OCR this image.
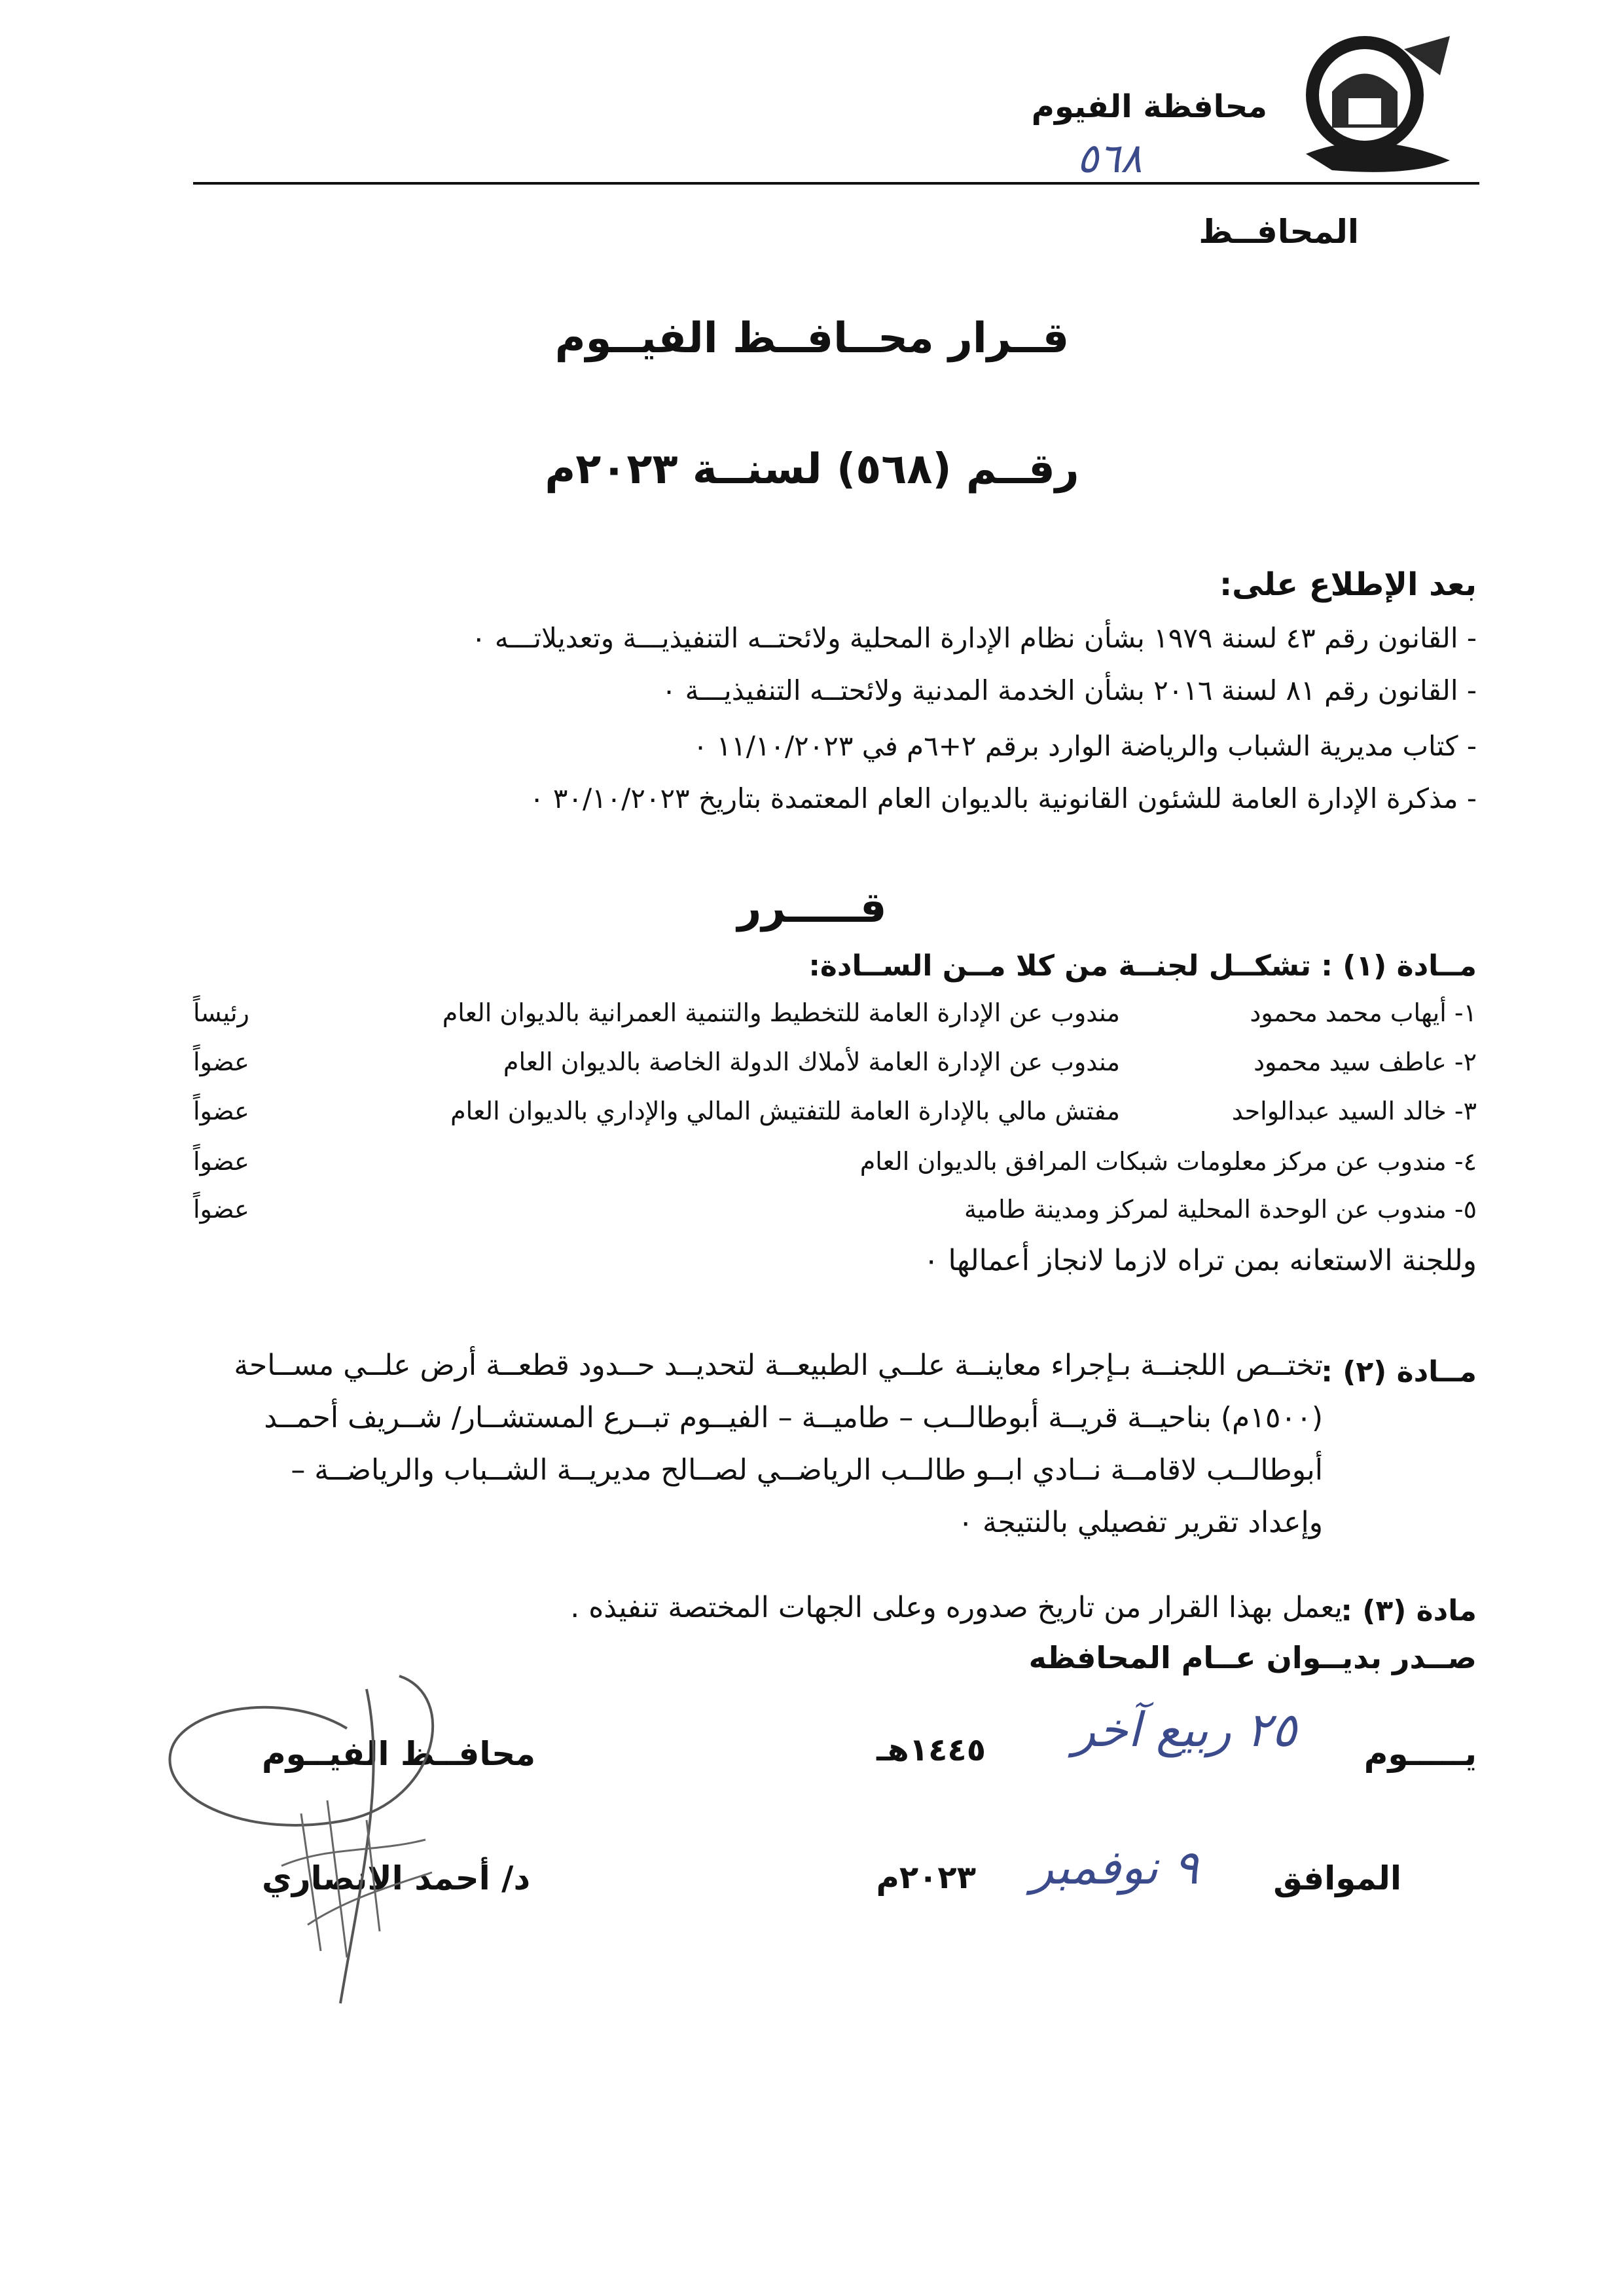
محافظة الفيوم
٥٦٨
المحافــظ
قــرار محــافــظ الفيــوم
رقــم (٥٦٨) لسنــة ٢٠٢٣م
بعد الإطلاع على:
- القانون رقم ٤٣ لسنة ١٩٧٩ بشأن نظام الإدارة المحلية ولائحتــه التنفيذيـــة وتعديلاتـــه ٠
- القانون رقم ٨١ لسنة ٢٠١٦ بشأن الخدمة المدنية ولائحتــه التنفيذيـــة ٠
- كتاب مديرية الشباب والرياضة الوارد برقم ٢+٦م في ١١/١٠/٢٠٢٣ ٠
- مذكرة الإدارة العامة للشئون القانونية بالديوان العام المعتمدة بتاريخ ٣٠/١٠/٢٠٢٣ ٠
قـــــرر
مــادة (١) : تشكــل لجنــة من كلا مــن الســادة:
١- أيهاب محمد محمود
مندوب عن الإدارة العامة للتخطيط والتنمية العمرانية بالديوان العام
رئيساً
٢- عاطف سيد محمود
مندوب عن الإدارة العامة لأملاك الدولة الخاصة بالديوان العام
عضواً
٣- خالد السيد عبدالواحد
مفتش مالي بالإدارة العامة للتفتيش المالي والإداري بالديوان العام
عضواً
٤- مندوب عن مركز معلومات شبكات المرافق بالديوان العام
عضواً
٥- مندوب عن الوحدة المحلية لمركز ومدينة طامية
عضواً
وللجنة الاستعانه بمن تراه لازما لانجاز أعمالها ٠
مــادة (٢) :
تختــص اللجنــة بـإجراء معاينــة علــي الطبيعــة لتحديــد حــدود قطعــة أرض علــي مســاحة
(١٥٠٠م) بناحيــة قريــة أبوطالــب – طاميــة – الفيــوم تبــرع المستشــار/ شــريف أحمــد
أبوطالــب لاقامــة نــادي ابــو طالــب الرياضــي لصــالح مديريــة الشــباب والرياضــة –
وإعداد تقرير تفصيلي بالنتيجة ٠
مادة (٣) :
يعمل بهذا القرار من تاريخ صدوره وعلى الجهات المختصة تنفيذه .
صــدر بديــوان عــام المحافظه
يـــــوم
٢٥ ربيع آخر
١٤٤٥هـ
الموافق
٩ نوفمبر
٢٠٢٣م
محافــظ الفيــوم
د/ أحمد الانصاري
